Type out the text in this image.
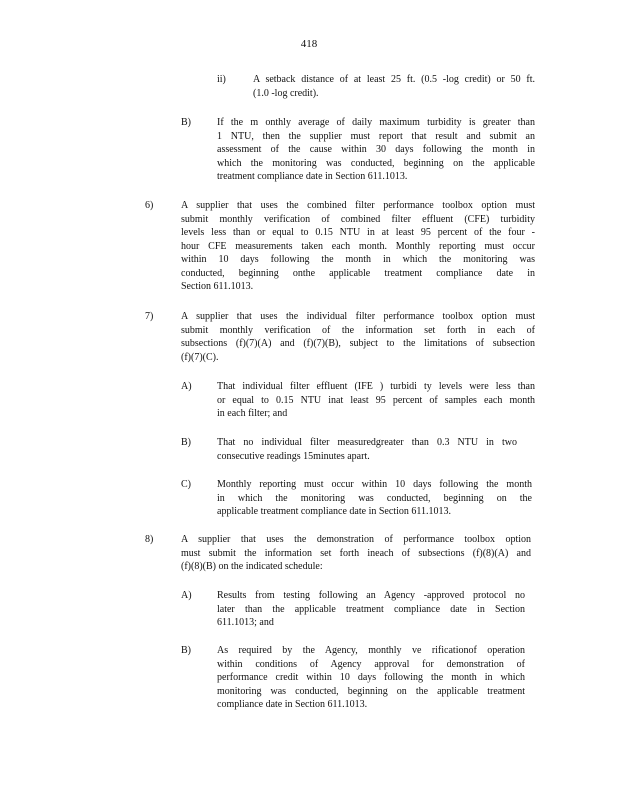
418
ii)	A setback distance of at least 25 ft. (0.5 -log credit) or 50 ft.
(1.0 -log credit).
B)	If the m onthly average of daily maximum turbidity is greater than
1 NTU, then the supplier must report that result and submit an
assessment of the cause within 30 days following the month in
which the monitoring was conducted, beginning on the applicable
treatment compliance date in Section 611.1013.
6)	A supplier that uses the combined filter performance toolbox option must
submit monthly verification of combined filter effluent (CFE) turbidity
levels less than or equal to 0.15 NTU in at least 95 percent of the four -
hour CFE measurements taken each month. Monthly reporting must occur
within 10 days following the month in which the monitoring was
conducted, beginning onthe applicable treatment compliance date in
Section 611.1013.
7)	A supplier that uses the individual filter performance toolbox option must
submit monthly verification of the information set forth in each of
subsections (f)(7)(A) and (f)(7)(B), subject to the limitations of subsection
(f)(7)(C).
A)	That individual filter effluent (IFE ) turbidi ty levels were less than
or equal to 0.15 NTU inat least 95 percent of samples each month
in each filter; and
B)	That no individual filter measuredgreater than 0.3 NTU in two
consecutive readings 15minutes apart.
C)	Monthly reporting must occur within 10 days following the month
in which the monitoring was conducted, beginning on the
applicable treatment compliance date in Section 611.1013.
8)	A supplier that uses the demonstration of performance toolbox option
must submit the information set forth ineach of subsections (f)(8)(A) and
(f)(8)(B) on the indicated schedule:
A)	Results from testing following an Agency -approved protocol no
later than the applicable treatment compliance date in Section
611.1013; and
B)	As required by the Agency, monthly ve rificationof operation
within conditions of Agency approval for demonstration of
performance credit within 10 days following the month in which
monitoring was conducted, beginning on the applicable treatment
compliance date in Section 611.1013.
